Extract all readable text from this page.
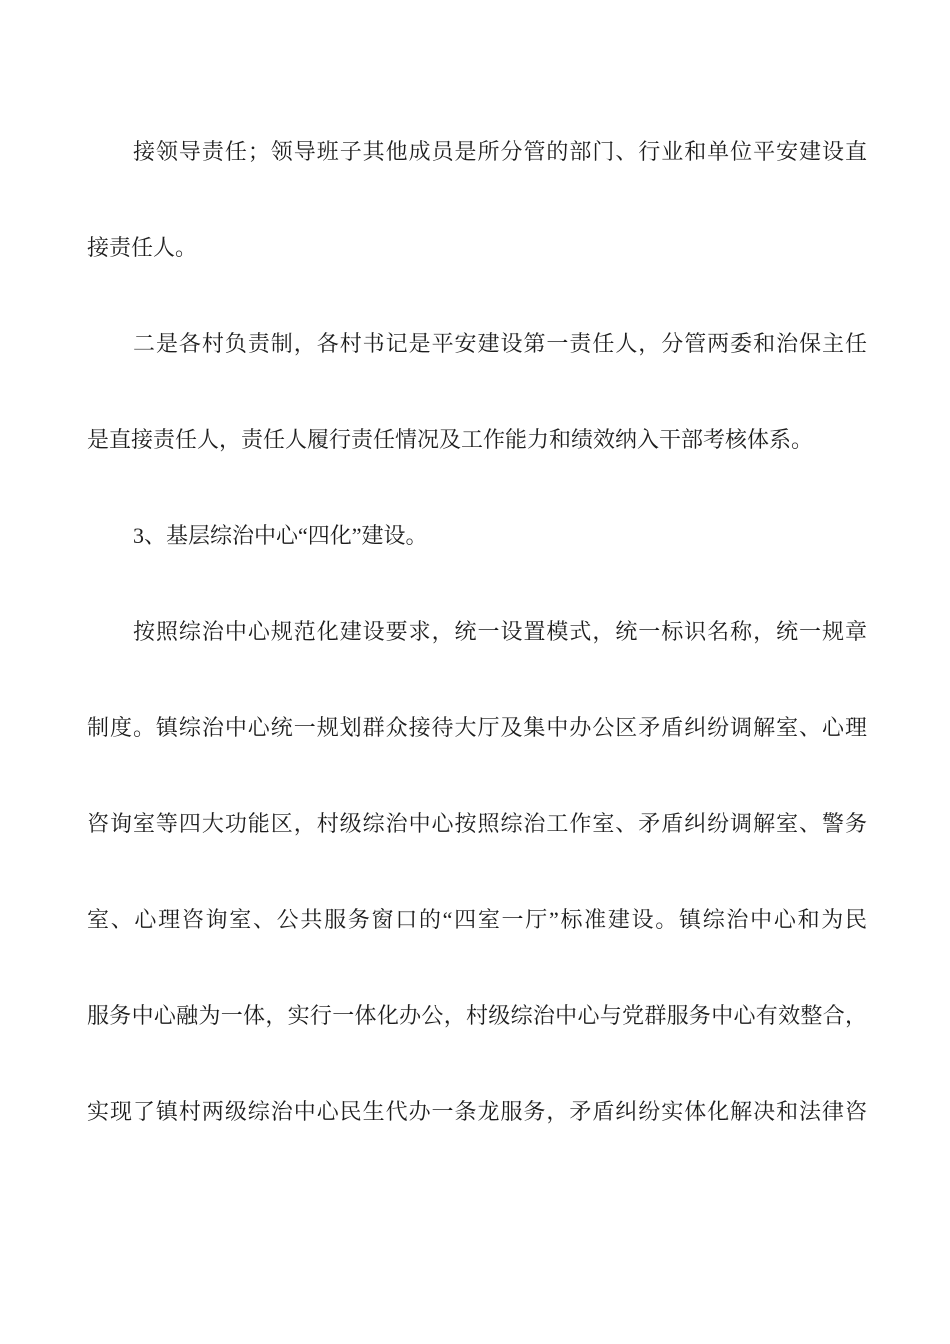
接领导责任；领导班子其他成员是所分管的部门、行业和单位平安建设直
接责任人。
二是各村负责制，各村书记是平安建设第一责任人，分管两委和治保主任
是直接责任人，责任人履行责任情况及工作能力和绩效纳入干部考核体系。
3、基层综治中心“四化”建设。
按照综治中心规范化建设要求，统一设置模式，统一标识名称，统一规章
制度。镇综治中心统一规划群众接待大厅及集中办公区矛盾纠纷调解室、心理
咨询室等四大功能区，村级综治中心按照综治工作室、矛盾纠纷调解室、警务
室、心理咨询室、公共服务窗口的“四室一厅”标准建设。镇综治中心和为民
服务中心融为一体，实行一体化办公，村级综治中心与党群服务中心有效整合，
实现了镇村两级综治中心民生代办一条龙服务，矛盾纠纷实体化解决和法律咨
